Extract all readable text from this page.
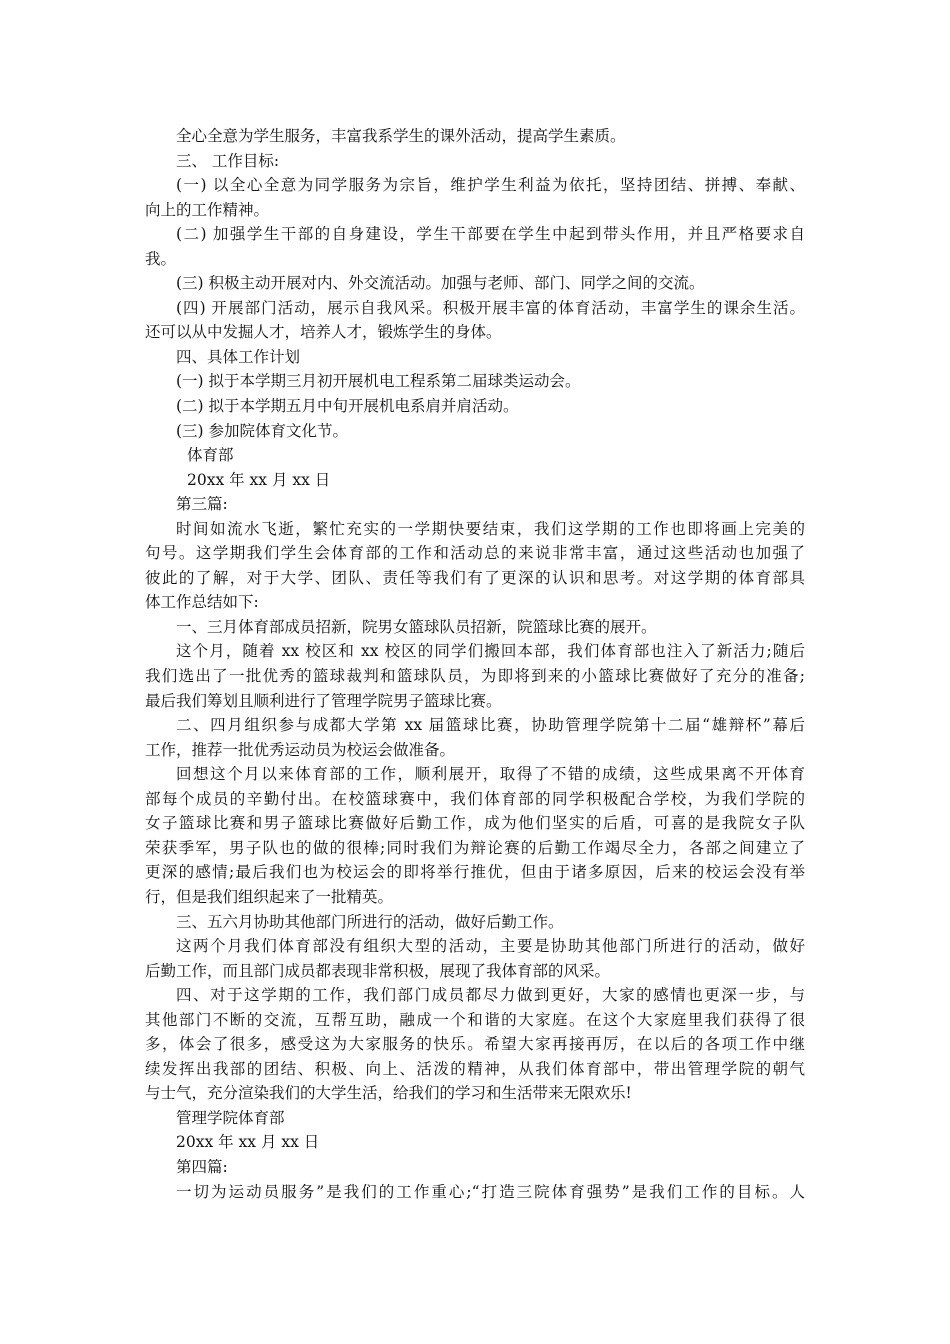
全心全意为学生服务，丰富我系学生的课外活动，提高学生素质。
三、 工作目标:
(一) 以全心全意为同学服务为宗旨，维护学生利益为依托，坚持团结、拼搏、奉献、
向上的工作精神。
(二) 加强学生干部的自身建设，学生干部要在学生中起到带头作用，并且严格要求自
我。
(三) 积极主动开展对内、外交流活动。加强与老师、部门、同学之间的交流。
(四) 开展部门活动，展示自我风采。积极开展丰富的体育活动，丰富学生的课余生活。
还可以从中发掘人才，培养人才，锻炼学生的身体。
四、具体工作计划
(一) 拟于本学期三月初开展机电工程系第二届球类运动会。
(二) 拟于本学期五月中旬开展机电系肩并肩活动。
(三) 参加院体育文化节。
体育部
20xx 年 xx 月 xx 日
第三篇:
时间如流水飞逝，繁忙充实的一学期快要结束，我们这学期的工作也即将画上完美的
句号。这学期我们学生会体育部的工作和活动总的来说非常丰富，通过这些活动也加强了
彼此的了解，对于大学、团队、责任等我们有了更深的认识和思考。对这学期的体育部具
体工作总结如下:
一、三月体育部成员招新，院男女篮球队员招新，院篮球比赛的展开。
这个月，随着 xx 校区和 xx 校区的同学们搬回本部，我们体育部也注入了新活力;随后
我们选出了一批优秀的篮球裁判和篮球队员，为即将到来的小篮球比赛做好了充分的准备;
最后我们筹划且顺利进行了管理学院男子篮球比赛。
二、四月组织参与成都大学第 xx 届篮球比赛，协助管理学院第十二届“雄辩杯”幕后
工作，推荐一批优秀运动员为校运会做准备。
回想这个月以来体育部的工作，顺利展开，取得了不错的成绩，这些成果离不开体育
部每个成员的辛勤付出。在校篮球赛中，我们体育部的同学积极配合学校，为我们学院的
女子篮球比赛和男子篮球比赛做好后勤工作，成为他们坚实的后盾，可喜的是我院女子队
荣获季军，男子队也的做的很棒;同时我们为辩论赛的后勤工作竭尽全力，各部之间建立了
更深的感情;最后我们也为校运会的即将举行推优，但由于诸多原因，后来的校运会没有举
行，但是我们组织起来了一批精英。
三、五六月协助其他部门所进行的活动，做好后勤工作。
这两个月我们体育部没有组织大型的活动，主要是协助其他部门所进行的活动，做好
后勤工作，而且部门成员都表现非常积极，展现了我体育部的风采。
四、对于这学期的工作，我们部门成员都尽力做到更好，大家的感情也更深一步，与
其他部门不断的交流，互帮互助，融成一个和谐的大家庭。在这个大家庭里我们获得了很
多，体会了很多，感受这为大家服务的快乐。希望大家再接再厉，在以后的各项工作中继
续发挥出我部的团结、积极、向上、活泼的精神，从我们体育部中，带出管理学院的朝气
与士气，充分渲染我们的大学生活，给我们的学习和生活带来无限欢乐!
管理学院体育部
20xx 年 xx 月 xx 日
第四篇:
一切为运动员服务”是我们的工作重心;“打造三院体育强势”是我们工作的目标。人
